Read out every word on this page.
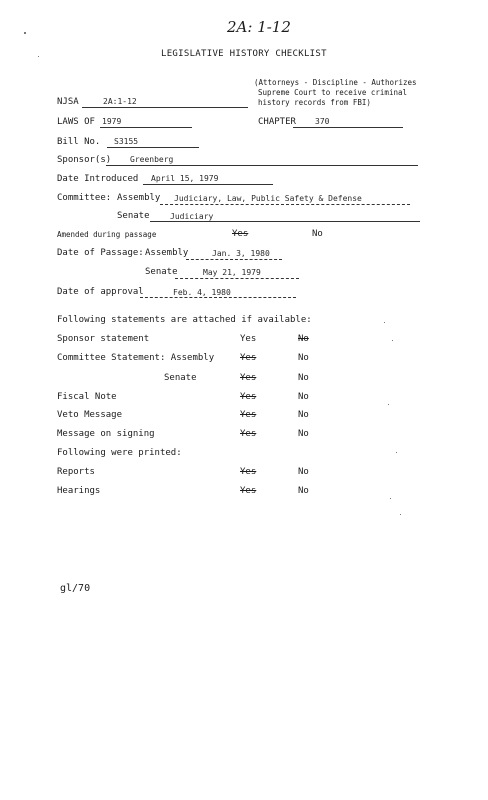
2A: 1-12
LEGISLATIVE HISTORY CHECKLIST
(Attorneys - Discipline - Authorizes
Supreme Court to receive criminal
history records from FBI)
NJSA	2A:1-12
LAWS OF 1979	CHAPTER 370
Bill No. S3155
Sponsor(s) Greenberg
Date Introduced April 15, 1979
Committee: Assembly Judiciary, Law, Public Safety & Defense
Senate	Judiciary
Amended during passage	Yes	No
Date of Passage: Assembly	Jan. 3, 1980
Senate	May 21, 1979
Date of approval	Feb. 4, 1980
Following statements are attached if available:
Sponsor statement	Yes	No
Committee Statement: Assembly	Yes	No
Senate	Yes	No
Fiscal Note	Yes	No
Veto Message	Yes	No
Message on signing	Yes	No
Following were printed:
Reports	Yes	No
Hearings	Yes	No
gl/70
